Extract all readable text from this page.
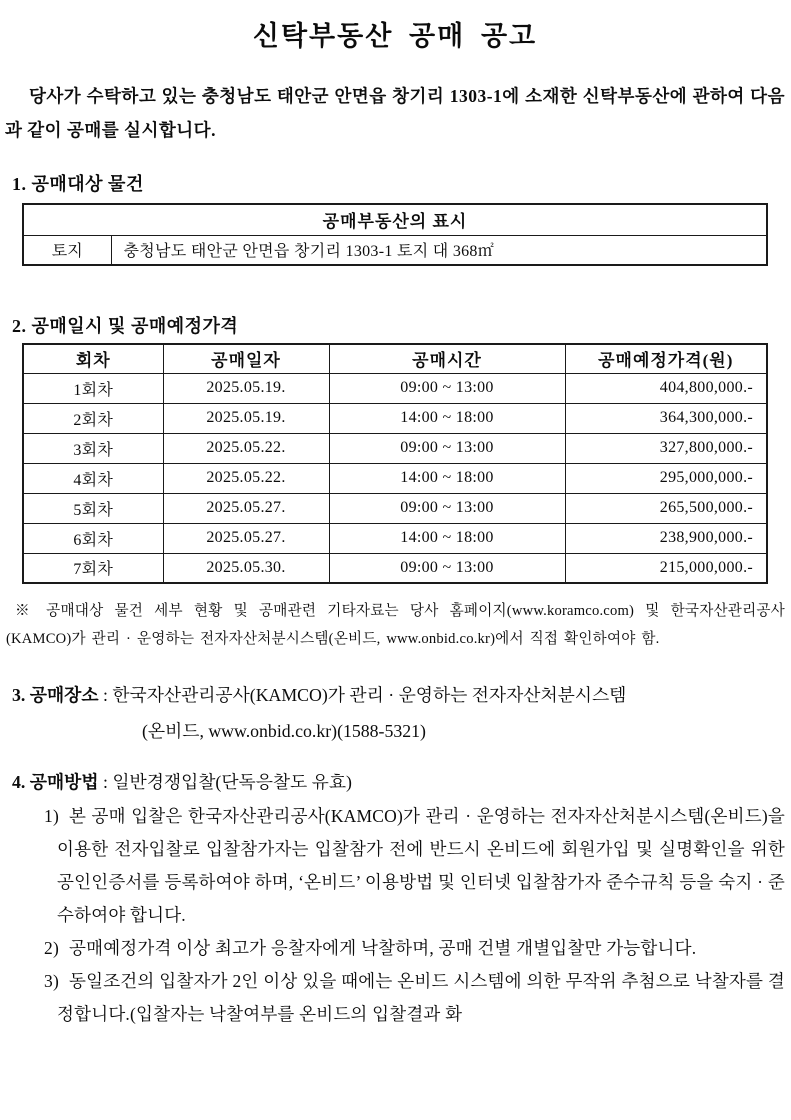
신탁부동산 공매 공고

당사가 수탁하고 있는 충청남도 태안군 안면읍 창기리 1303-1에 소재한 신탁부동산에 관하여 다음과 같이 공매를 실시합니다.

1. 공매대상 물건
공매부동산의 표시
토지	충청남도 태안군 안면읍 창기리 1303-1 토지 대 368㎡
2. 공매일시 및 공매예정가격
회차	공매일자	공매시간	공매예정가격(원)
1회차	2025.05.19.	09:00 ~ 13:00	404,800,000.-
2회차	2025.05.19.	14:00 ~ 18:00	364,300,000.-
3회차	2025.05.22.	09:00 ~ 13:00	327,800,000.-
4회차	2025.05.22.	14:00 ~ 18:00	295,000,000.-
5회차	2025.05.27.	09:00 ~ 13:00	265,500,000.-
6회차	2025.05.27.	14:00 ~ 18:00	238,900,000.-
7회차	2025.05.30.	09:00 ~ 13:00	215,000,000.-

※ 공매대상 물건 세부 현황 및 공매관련 기타자료는 당사 홈페이지(www.koramco.com) 및 한국자산관리공사(KAMCO)가 관리 · 운영하는 전자자산처분시스템(온비드, www.onbid.co.kr)에서 직접 확인하여야 함.

3. 공매장소 : 한국자산관리공사(KAMCO)가 관리 · 운영하는 전자자산처분시스템
(온비드, www.onbid.co.kr)(1588-5321)
4. 공매방법 : 일반경쟁입찰(단독응찰도 유효)
1) 본 공매 입찰은 한국자산관리공사(KAMCO)가 관리 · 운영하는 전자자산처분시스템(온비드)을 이용한 전자입찰로 입찰참가자는 입찰참가 전에 반드시 온비드에 회원가입 및 실명확인을 위한 공인인증서를 등록하여야 하며, ‘온비드’ 이용방법 및 인터넷 입찰참가자 준수규칙 등을 숙지 · 준수하여야 합니다.
2) 공매예정가격 이상 최고가 응찰자에게 낙찰하며, 공매 건별 개별입찰만 가능합니다.
3) 동일조건의 입찰자가 2인 이상 있을 때에는 온비드 시스템에 의한 무작위 추첨으로 낙찰자를 결정합니다.(입찰자는 낙찰여부를 온비드의 입찰결과 화
